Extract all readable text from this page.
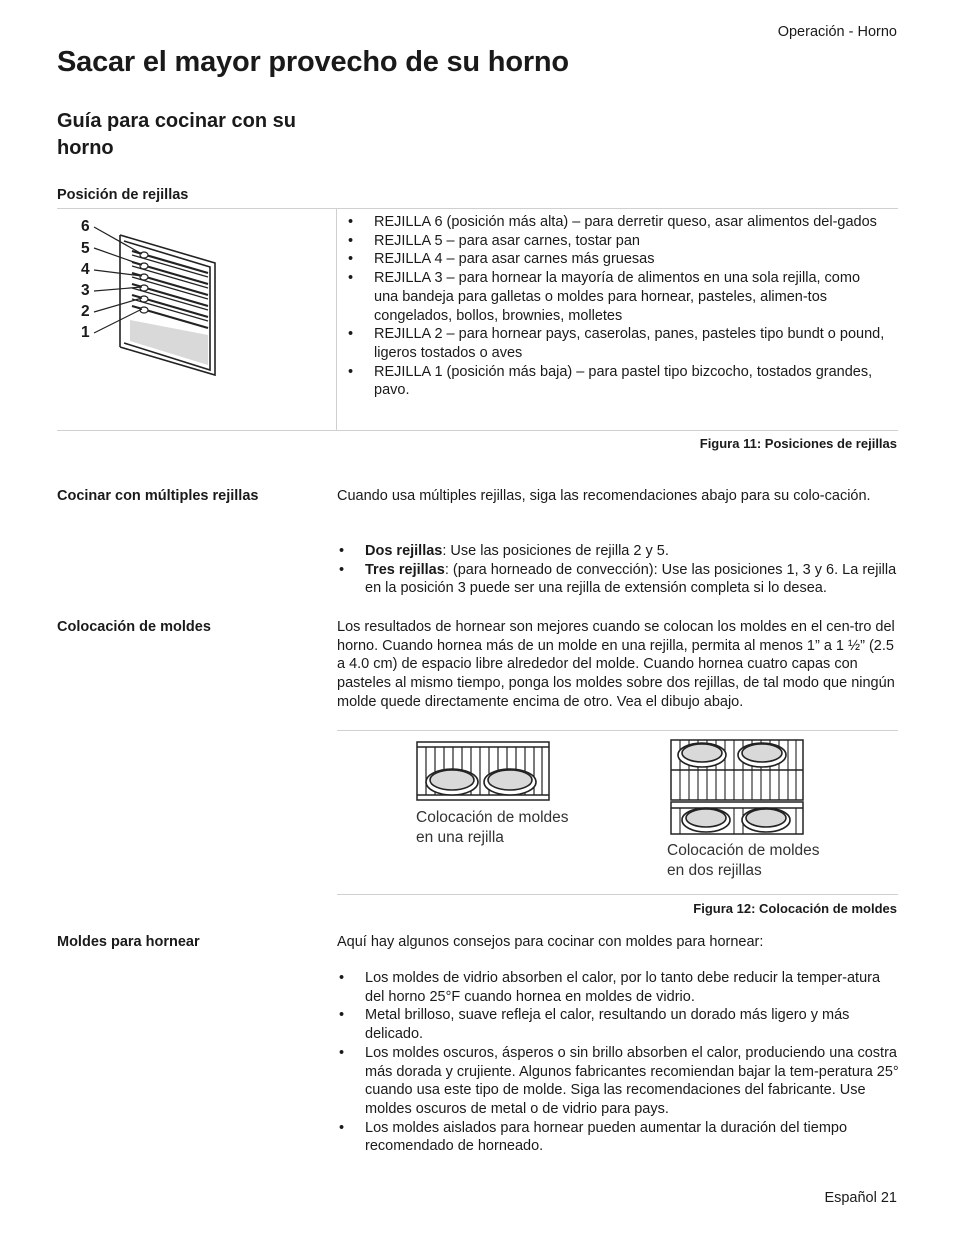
Operación - Horno
Sacar el mayor provecho de su horno
Guía para cocinar con su horno
Posición de rejillas
6
5
4
3
2
1
• REJILLA 6 (posición más alta) – para derretir queso, asar alimentos del-gados
• REJILLA 5 – para asar carnes, tostar pan
• REJILLA 4 – para asar carnes más gruesas
• REJILLA 3 – para hornear la mayoría de alimentos en una sola rejilla, como una bandeja para galletas o moldes para hornear, pasteles, alimen-tos congelados, bollos, brownies, molletes
• REJILLA 2 – para hornear pays, caserolas, panes, pasteles tipo bundt o pound, ligeros tostados o aves
• REJILLA 1 (posición más baja) – para pastel tipo bizcocho, tostados grandes, pavo.
Figura 11: Posiciones de rejillas
Cocinar con múltiples rejillas	Cuando usa múltiples rejillas, siga las recomendaciones abajo para su colo-cación.
• Dos rejillas: Use las posiciones de rejilla 2 y 5.
• Tres rejillas: (para horneado de convección): Use las posiciones 1, 3 y 6. La rejilla en la posición 3 puede ser una rejilla de extensión completa si lo desea.
Colocación de moldes	Los resultados de hornear son mejores cuando se colocan los moldes en el cen-tro del horno. Cuando hornea más de un molde en una rejilla, permita al menos 1” a 1 ½” (2.5 a 4.0 cm) de espacio libre alrededor del molde. Cuando hornea cuatro capas con pasteles al mismo tiempo, ponga los moldes sobre dos rejillas, de tal modo que ningún molde quede directamente encima de otro. Vea el dibujo abajo.
Colocación de moldes
en una rejilla
Colocación de moldes
en dos rejillas
Figura 12: Colocación de moldes
Moldes para hornear	Aquí hay algunos consejos para cocinar con moldes para hornear:
• Los moldes de vidrio absorben el calor, por lo tanto debe reducir la temper-atura del horno 25°F cuando hornea en moldes de vidrio.
• Metal brilloso, suave refleja el calor, resultando un dorado más ligero y más delicado.
• Los moldes oscuros, ásperos o sin brillo absorben el calor, produciendo una costra más dorada y crujiente. Algunos fabricantes recomiendan bajar la tem-peratura 25° cuando usa este tipo de molde. Siga las recomendaciones del fabricante. Use moldes oscuros de metal o de vidrio para pays.
• Los moldes aislados para hornear pueden aumentar la duración del tiempo recomendado de horneado.
Español 21
